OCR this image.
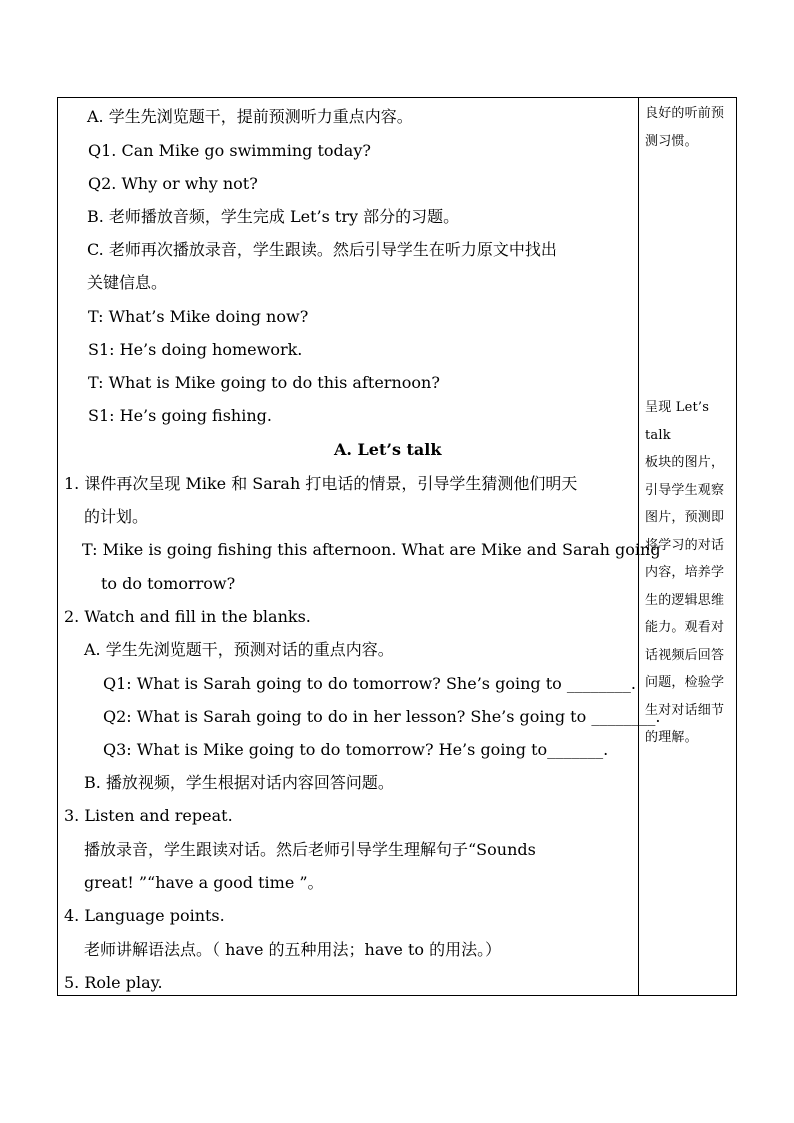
A. 学生先浏览题干，提前预测听力重点内容。
Q1. Can Mike go swimming today?
Q2. Why or why not?
B. 老师播放音频，学生完成 Let’s try 部分的习题。
C. 老师再次播放录音，学生跟读。然后引导学生在听力原文中找出
关键信息。
T: What’s Mike doing now?
S1: He’s doing homework.
T: What is Mike going to do this afternoon?
S1: He’s going fishing.
A. Let’s talk
1. 课件再次呈现 Mike 和 Sarah 打电话的情景，引导学生猜测他们明天
的计划。
T: Mike is going fishing this afternoon. What are Mike and Sarah going
to do tomorrow?
2. Watch and fill in the blanks.
A. 学生先浏览题干，预测对话的重点内容。
Q1: What is Sarah going to do tomorrow? She’s going to ________.
Q2: What is Sarah going to do in her lesson? She’s going to ________.
Q3: What is Mike going to do tomorrow? He’s going to_______.
B. 播放视频，学生根据对话内容回答问题。
3. Listen and repeat.
播放录音，学生跟读对话。然后老师引导学生理解句子“Sounds
great! ”“have a good time ”。
4. Language points.
老师讲解语法点。（ have 的五种用法；have to 的用法。）
5. Role play.
良好的听前预
测习惯。
呈现 Let’s talk
板块的图片，
引导学生观察
图片，预测即
将学习的对话
内容，培养学
生的逻辑思维
能力。观看对
话视频后回答
问题，检验学
生对对话细节
的理解。
